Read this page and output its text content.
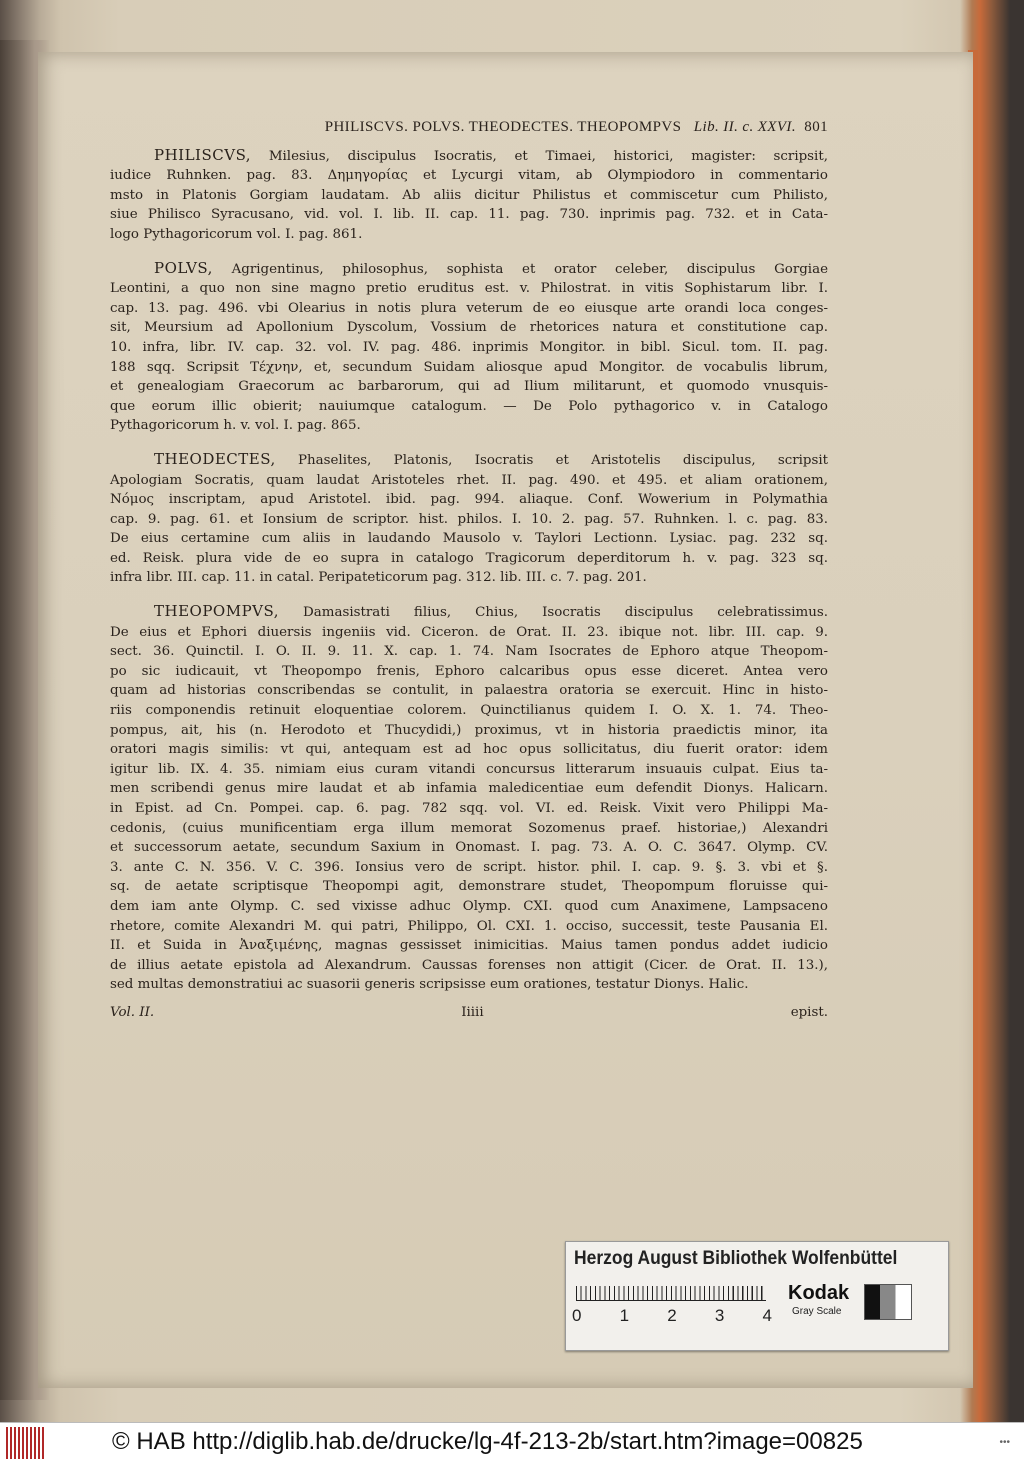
PHILISCVS. POLVS. THEODECTES. THEOPOMPVS Lib. II. c. XXVI. 801
PHILISCVS, Milesius, discipulus Isocratis, et Timaei, historici, magister: scripsit,
iudice Ruhnken. pag. 83. Δημηγορίας et Lycurgi vitam, ab Olympiodoro in commentario
msto in Platonis Gorgiam laudatam. Ab aliis dicitur Philistus et commiscetur cum Philisto,
siue Philisco Syracusano, vid. vol. I. lib. II. cap. 11. pag. 730. inprimis pag. 732. et in Cata-
logo Pythagoricorum vol. I. pag. 861.
POLVS, Agrigentinus, philosophus, sophista et orator celeber, discipulus Gorgiae
Leontini, a quo non sine magno pretio eruditus est. v. Philostrat. in vitis Sophistarum libr. I.
cap. 13. pag. 496. vbi Olearius in notis plura veterum de eo eiusque arte orandi loca conges-
sit, Meursium ad Apollonium Dyscolum, Vossium de rhetorices natura et constitutione cap.
10. infra, libr. IV. cap. 32. vol. IV. pag. 486. inprimis Mongitor. in bibl. Sicul. tom. II. pag.
188 sqq. Scripsit Τέχνην, et, secundum Suidam aliosque apud Mongitor. de vocabulis librum,
et genealogiam Graecorum ac barbarorum, qui ad Ilium militarunt, et quomodo vnusquis-
que eorum illic obierit; nauiumque catalogum. — De Polo pythagorico v. in Catalogo
Pythagoricorum h. v. vol. I. pag. 865.
THEODECTES, Phaselites, Platonis, Isocratis et Aristotelis discipulus, scripsit
Apologiam Socratis, quam laudat Aristoteles rhet. II. pag. 490. et 495. et aliam orationem,
Νόμος inscriptam, apud Aristotel. ibid. pag. 994. aliaque. Conf. Wowerium in Polymathia
cap. 9. pag. 61. et Ionsium de scriptor. hist. philos. I. 10. 2. pag. 57. Ruhnken. l. c. pag. 83.
De eius certamine cum aliis in laudando Mausolo v. Taylori Lectionn. Lysiac. pag. 232 sq.
ed. Reisk. plura vide de eo supra in catalogo Tragicorum deperditorum h. v. pag. 323 sq.
infra libr. III. cap. 11. in catal. Peripateticorum pag. 312. lib. III. c. 7. pag. 201.
THEOPOMPVS, Damasistrati filius, Chius, Isocratis discipulus celebratissimus.
De eius et Ephori diuersis ingeniis vid. Ciceron. de Orat. II. 23. ibique not. libr. III. cap. 9.
sect. 36. Quinctil. I. O. II. 9. 11. X. cap. 1. 74. Nam Isocrates de Ephoro atque Theopom-
po sic iudicauit, vt Theopompo frenis, Ephoro calcaribus opus esse diceret. Antea vero
quam ad historias conscribendas se contulit, in palaestra oratoria se exercuit. Hinc in histo-
riis componendis retinuit eloquentiae colorem. Quinctilianus quidem I. O. X. 1. 74. Theo-
pompus, ait, his (n. Herodoto et Thucydidi,) proximus, vt in historia praedictis minor, ita
oratori magis similis: vt qui, antequam est ad hoc opus sollicitatus, diu fuerit orator: idem
igitur lib. IX. 4. 35. nimiam eius curam vitandi concursus litterarum insuauis culpat. Eius ta-
men scribendi genus mire laudat et ab infamia maledicentiae eum defendit Dionys. Halicarn.
in Epist. ad Cn. Pompei. cap. 6. pag. 782 sqq. vol. VI. ed. Reisk. Vixit vero Philippi Ma-
cedonis, (cuius munificentiam erga illum memorat Sozomenus praef. historiae,) Alexandri
et successorum aetate, secundum Saxium in Onomast. I. pag. 73. A. O. C. 3647. Olymp. CV.
3. ante C. N. 356. V. C. 396. Ionsius vero de script. histor. phil. I. cap. 9. §. 3. vbi et §.
sq. de aetate scriptisque Theopompi agit, demonstrare studet, Theopompum floruisse qui-
dem iam ante Olymp. C. sed vixisse adhuc Olymp. CXI. quod cum Anaximene, Lampsaceno
rhetore, comite Alexandri M. qui patri, Philippo, Ol. CXI. 1. occiso, successit, teste Pausania El.
II. et Suida in Ἀναξιμένης, magnas gessisset inimicitias. Maius tamen pondus addet iudicio
de illius aetate epistola ad Alexandrum. Caussas forenses non attigit (Cicer. de Orat. II. 13.),
sed multas demonstratiui ac suasorii generis scripsisse eum orationes, testatur Dionys. Halic.
Vol. II.	Iiiii	epist.
Herzog August Bibliothek Wolfenbüttel
0 1 2 3 4
Kodak
Gray Scale
© HAB http://diglib.hab.de/drucke/lg-4f-213-2b/start.htm?image=00825	•••
